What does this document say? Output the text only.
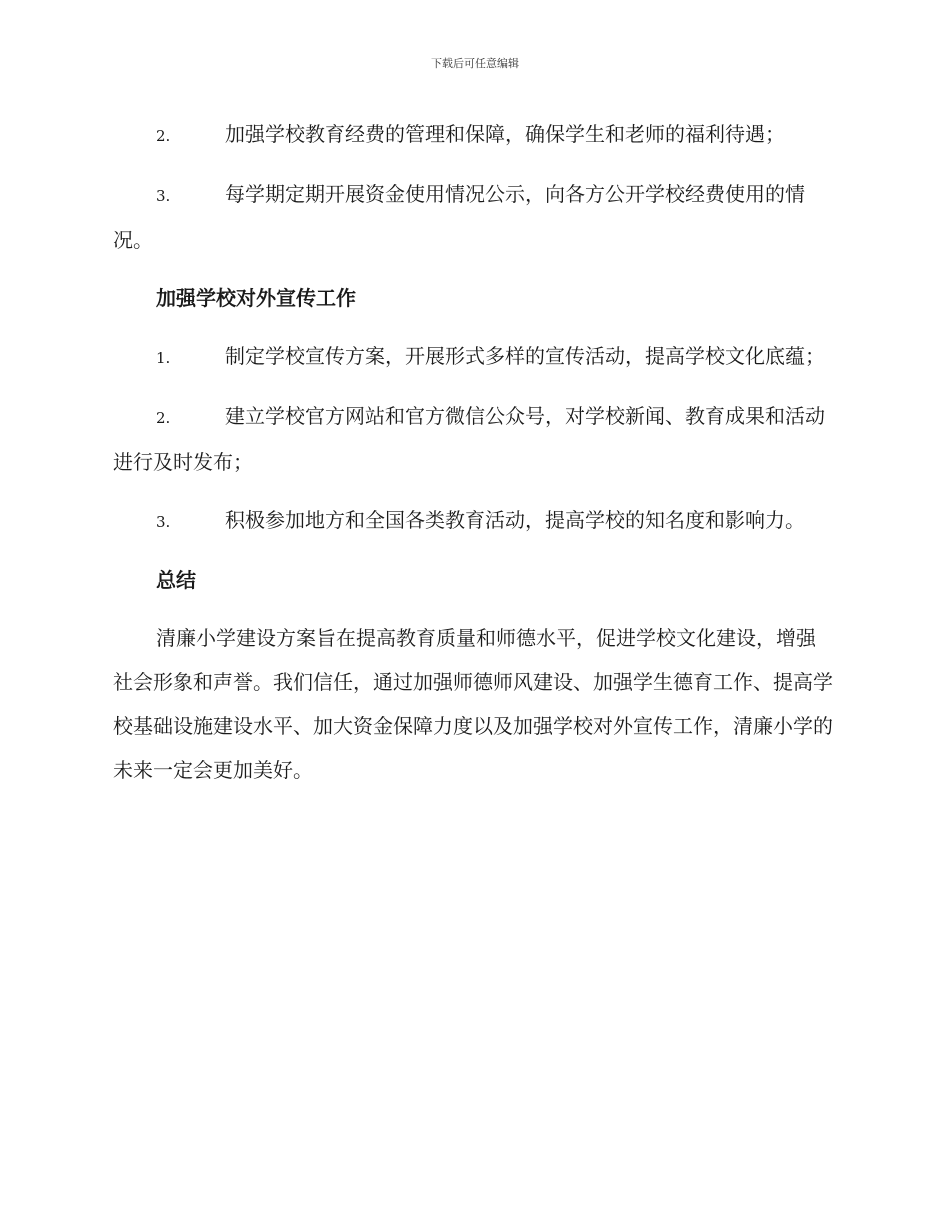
下载后可任意编辑
2.	加强学校教育经费的管理和保障，确保学生和老师的福利待遇；
3.	每学期定期开展资金使用情况公示，向各方公开学校经费使用的情况。
加强学校对外宣传工作
1.	制定学校宣传方案，开展形式多样的宣传活动，提高学校文化底蕴；
2.	建立学校官方网站和官方微信公众号，对学校新闻、教育成果和活动进行及时发布；
3.	积极参加地方和全国各类教育活动，提高学校的知名度和影响力。
总结

清廉小学建设方案旨在提高教育质量和师德水平，促进学校文化建设，增强社会形象和声誉。我们信任，通过加强师德师风建设、加强学生德育工作、提高学校基础设施建设水平、加大资金保障力度以及加强学校对外宣传工作，清廉小学的未来一定会更加美好。
